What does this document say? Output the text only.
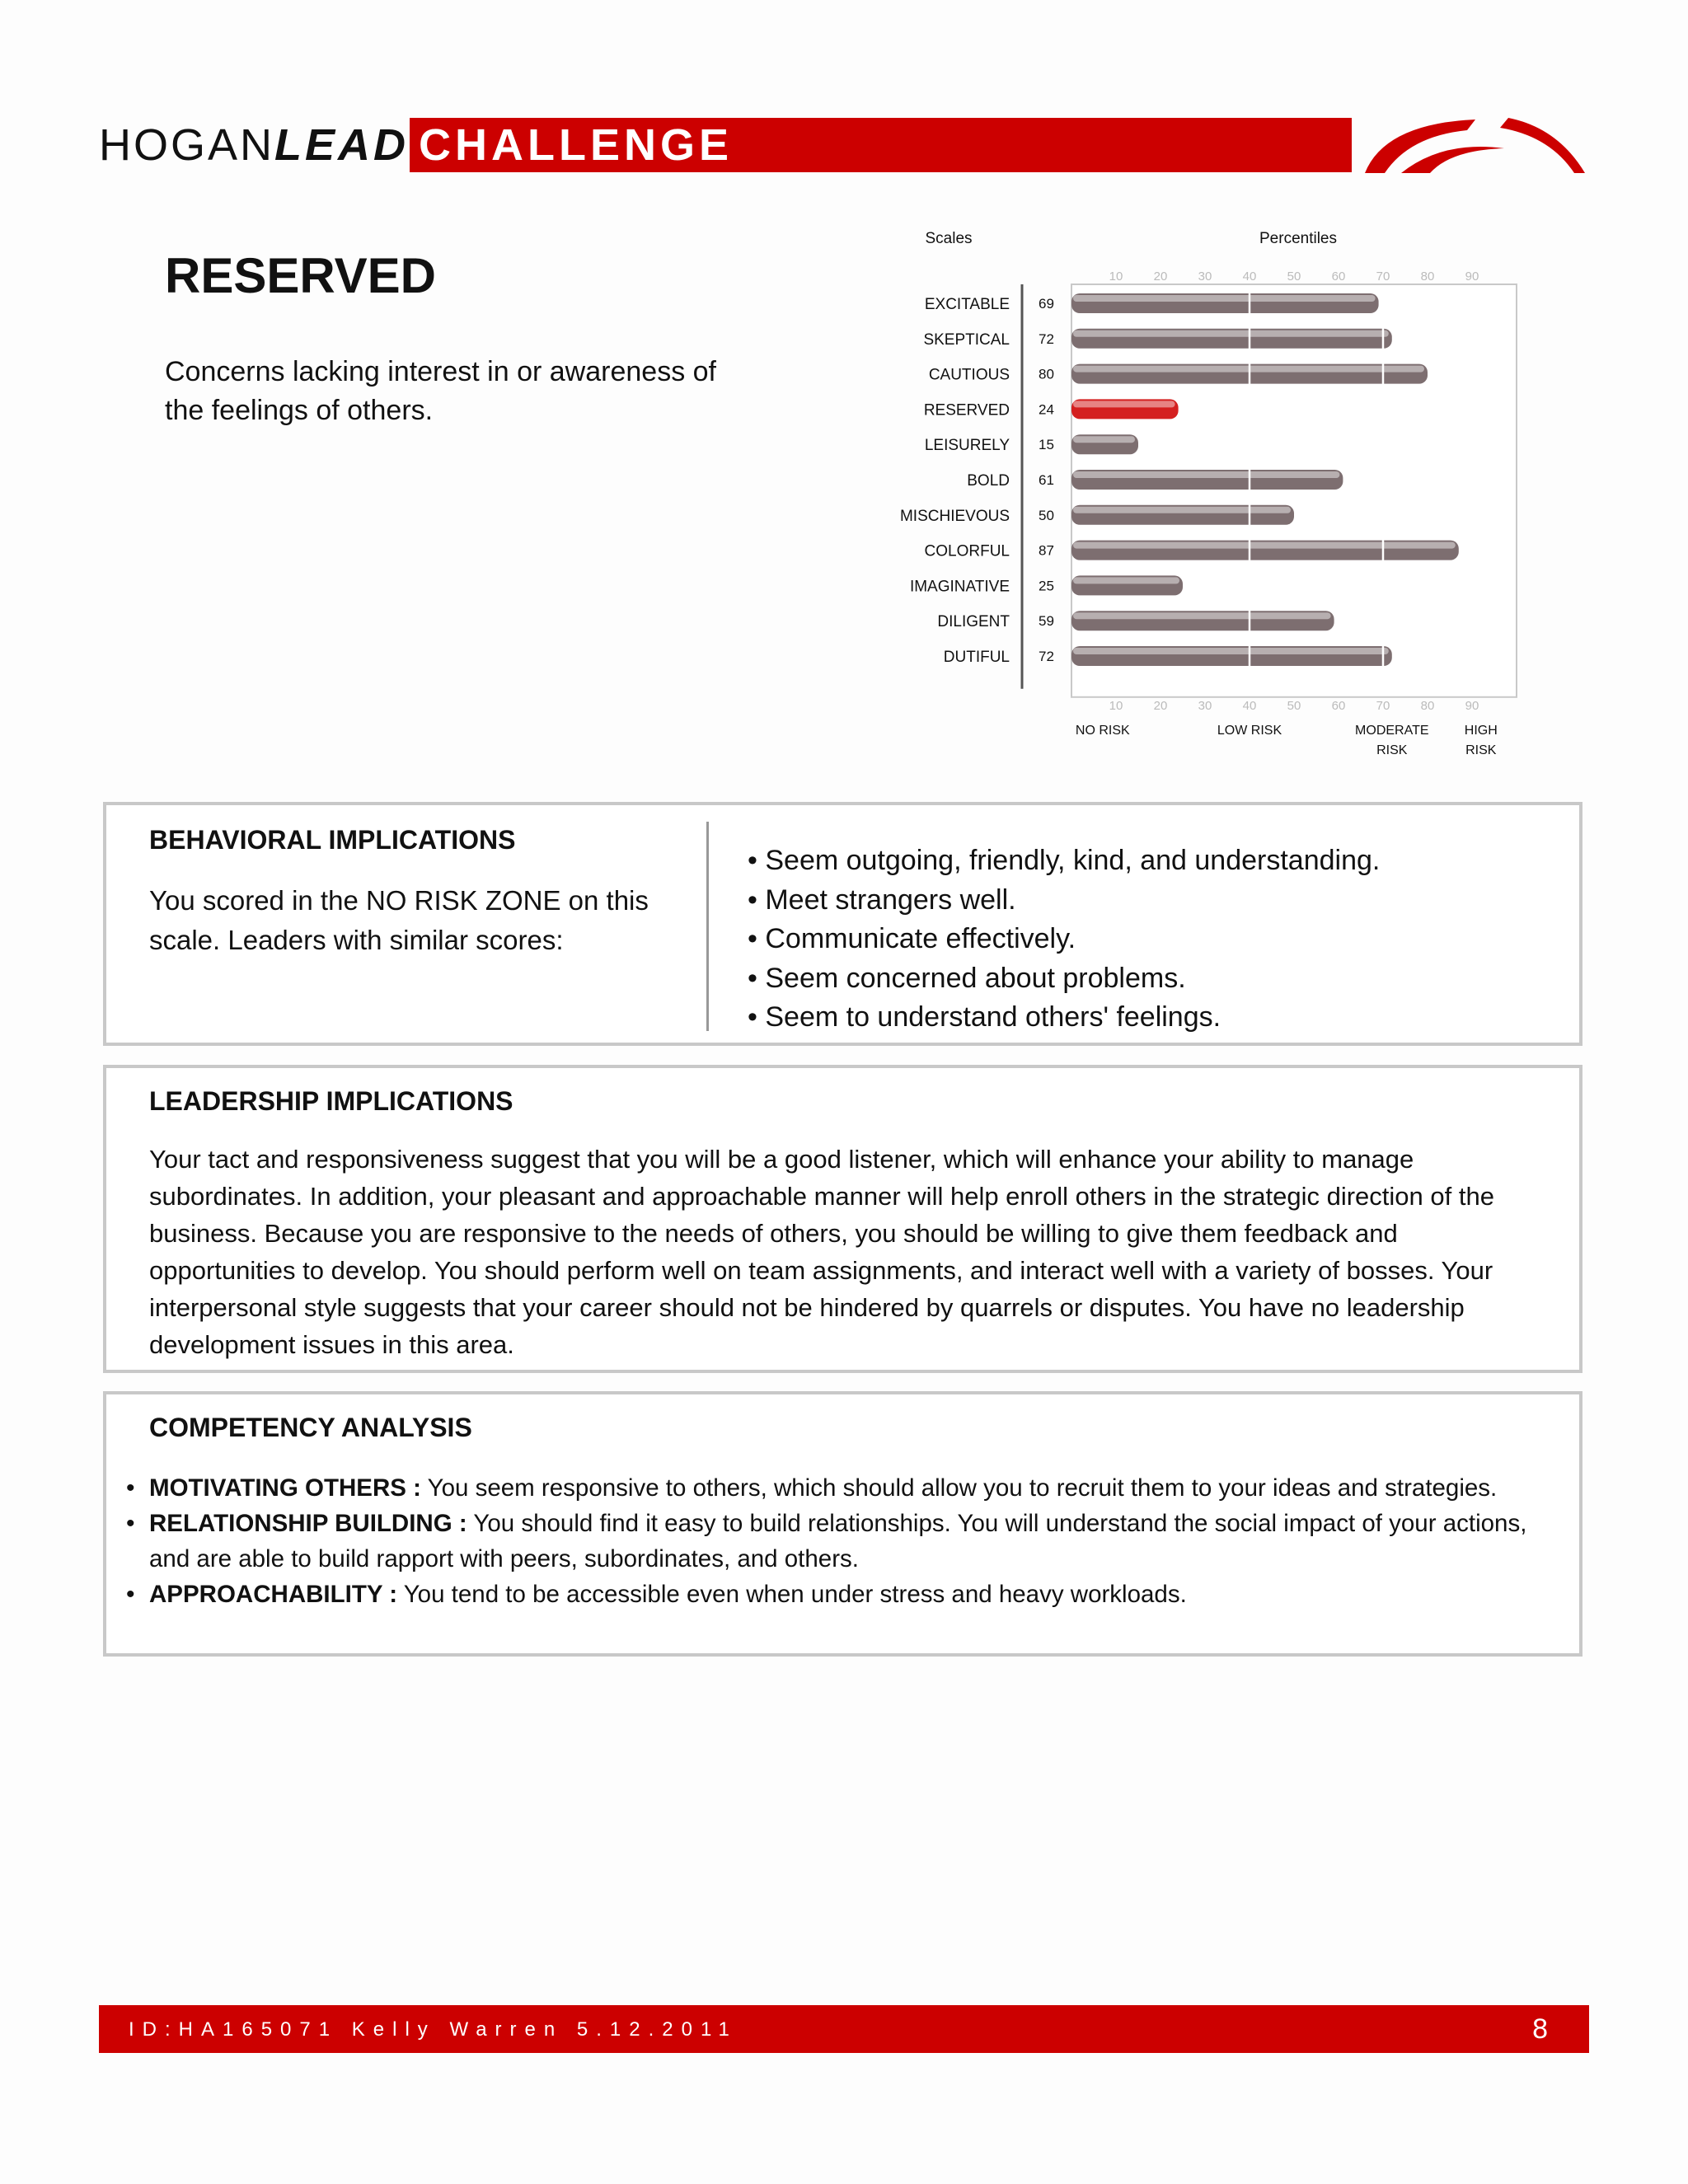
HOGANLEAD CHALLENGE
RESERVED
Concerns lacking interest in or awareness of the feelings of others.
Scales	Percentiles
10
10
20
20
30
30
40
40
50
50
60
60
70
70
80
80
90
90
EXCITABLE 69
SKEPTICAL 72
CAUTIOUS 80
RESERVED 24
LEISURELY 15
BOLD 61
MISCHIEVOUS 50
COLORFUL 87
IMAGINATIVE 25
DILIGENT 59
DUTIFUL 72
NO RISK	LOW RISK	MODERATE
RISK
HIGH
RISK
BEHAVIORAL IMPLICATIONS
You scored in the NO RISK ZONE on this scale. Leaders with similar scores:
• Seem outgoing, friendly, kind, and understanding.
• Meet strangers well.
• Communicate effectively.
• Seem concerned about problems.
• Seem to understand others' feelings.
LEADERSHIP IMPLICATIONS
Your tact and responsiveness suggest that you will be a good listener, which will enhance your ability to manage subordinates. In addition, your pleasant and approachable manner will help enroll others in the strategic direction of the business. Because you are responsive to the needs of others, you should be willing to give them feedback and opportunities to develop. You should perform well on team assignments, and interact well with a variety of bosses. Your interpersonal style suggests that your career should not be hindered by quarrels or disputes. You have no leadership development issues in this area.
COMPETENCY ANALYSIS
• MOTIVATING OTHERS : You seem responsive to others, which should allow you to recruit them to your ideas and strategies.
• RELATIONSHIP BUILDING : You should find it easy to build relationships. You will understand the social impact of your actions, and are able to build rapport with peers, subordinates, and others.
• APPROACHABILITY : You tend to be accessible even when under stress and heavy workloads.
ID:HA165071 Kelly Warren 5.12.2011	8
